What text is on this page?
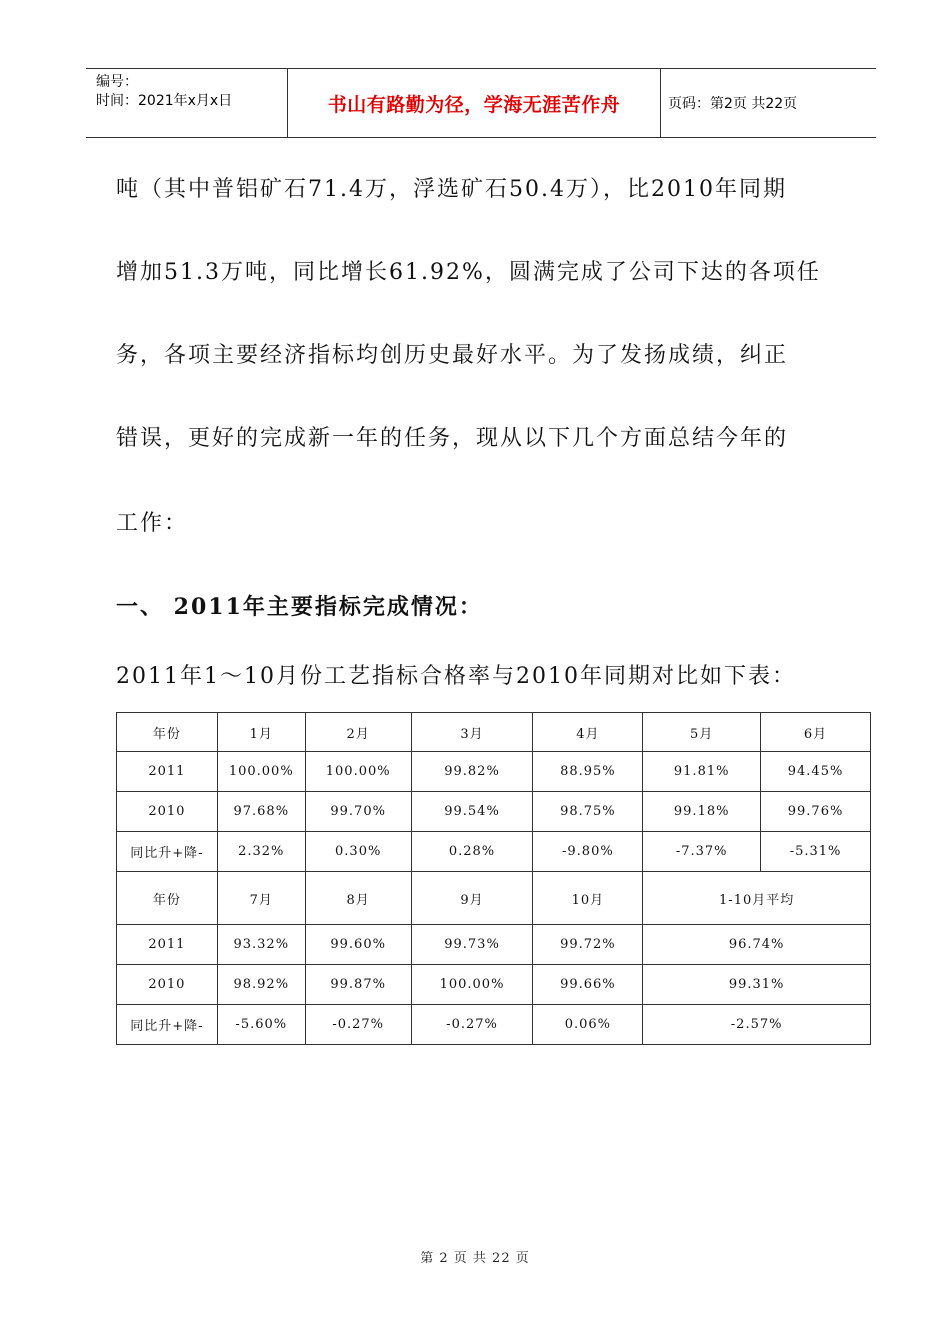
编号：
时间：2021年x月x日	书山有路勤为径，学海无涯苦作舟	页码：第2页 共22页
吨（其中普铝矿石71.4万，浮选矿石50.4万），比2010年同期
增加51.3万吨，同比增长61.92%，圆满完成了公司下达的各项任
务，各项主要经济指标均创历史最好水平。为了发扬成绩，纠正
错误，更好的完成新一年的任务，现从以下几个方面总结今年的
工作：
一、 2011年主要指标完成情况：
2011年1～10月份工艺指标合格率与2010年同期对比如下表：
年份	1月	2月	3月	4月	5月	6月
2011	100.00%	100.00%	99.82%	88.95%	91.81%	94.45%
2010	97.68%	99.70%	99.54%	98.75%	99.18%	99.76%
同比升+降-	2.32%	0.30%	0.28%	-9.80%	-7.37%	-5.31%
年份	7月	8月	9月	10月	1-10月平均	
2011	93.32%	99.60%	99.73%	99.72%	96.74%	
2010	98.92%	99.87%	100.00%	99.66%	99.31%	
同比升+降-	-5.60%	-0.27%	-0.27%	0.06%	-2.57%	
第 2 页 共 22 页
